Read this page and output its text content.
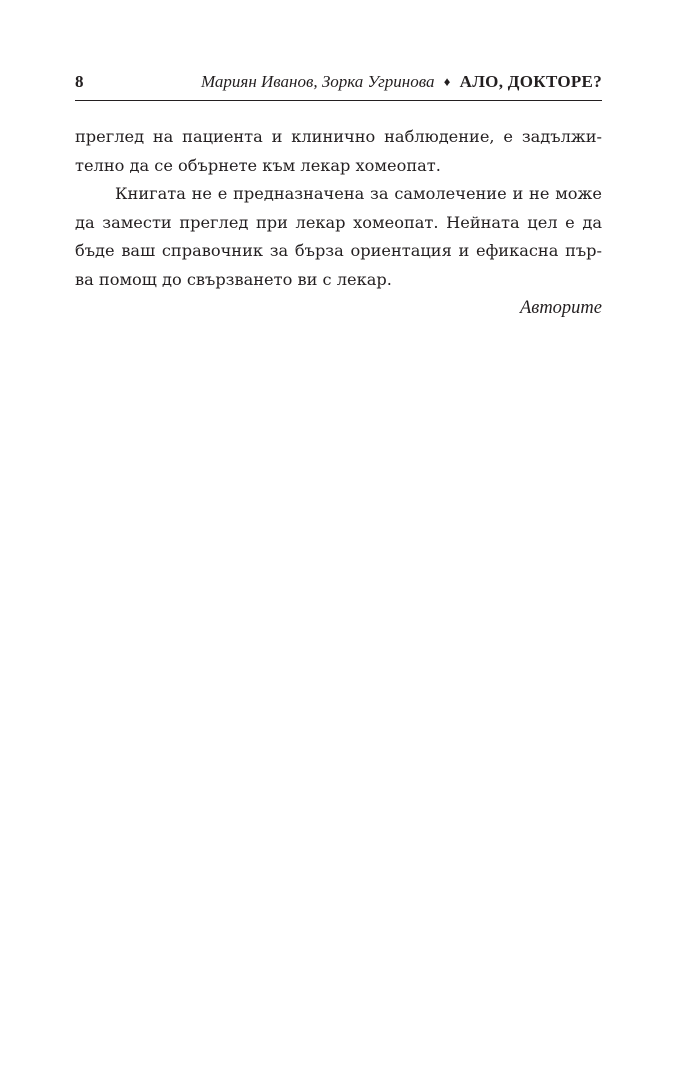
8	Мариян Иванов, Зорка Угринова ♦ АЛО, ДОКТОРЕ?
преглед на пациента и клинично наблюдение, е задължи-
телно да се обърнете към лекар хомеопат.
Книгата не е предназначена за самолечение и не може
да замести преглед при лекар хомеопат. Нейната цел е да
бъде ваш справочник за бърза ориентация и ефикасна пър-
ва помощ до свързването ви с лекар.
Авторите
